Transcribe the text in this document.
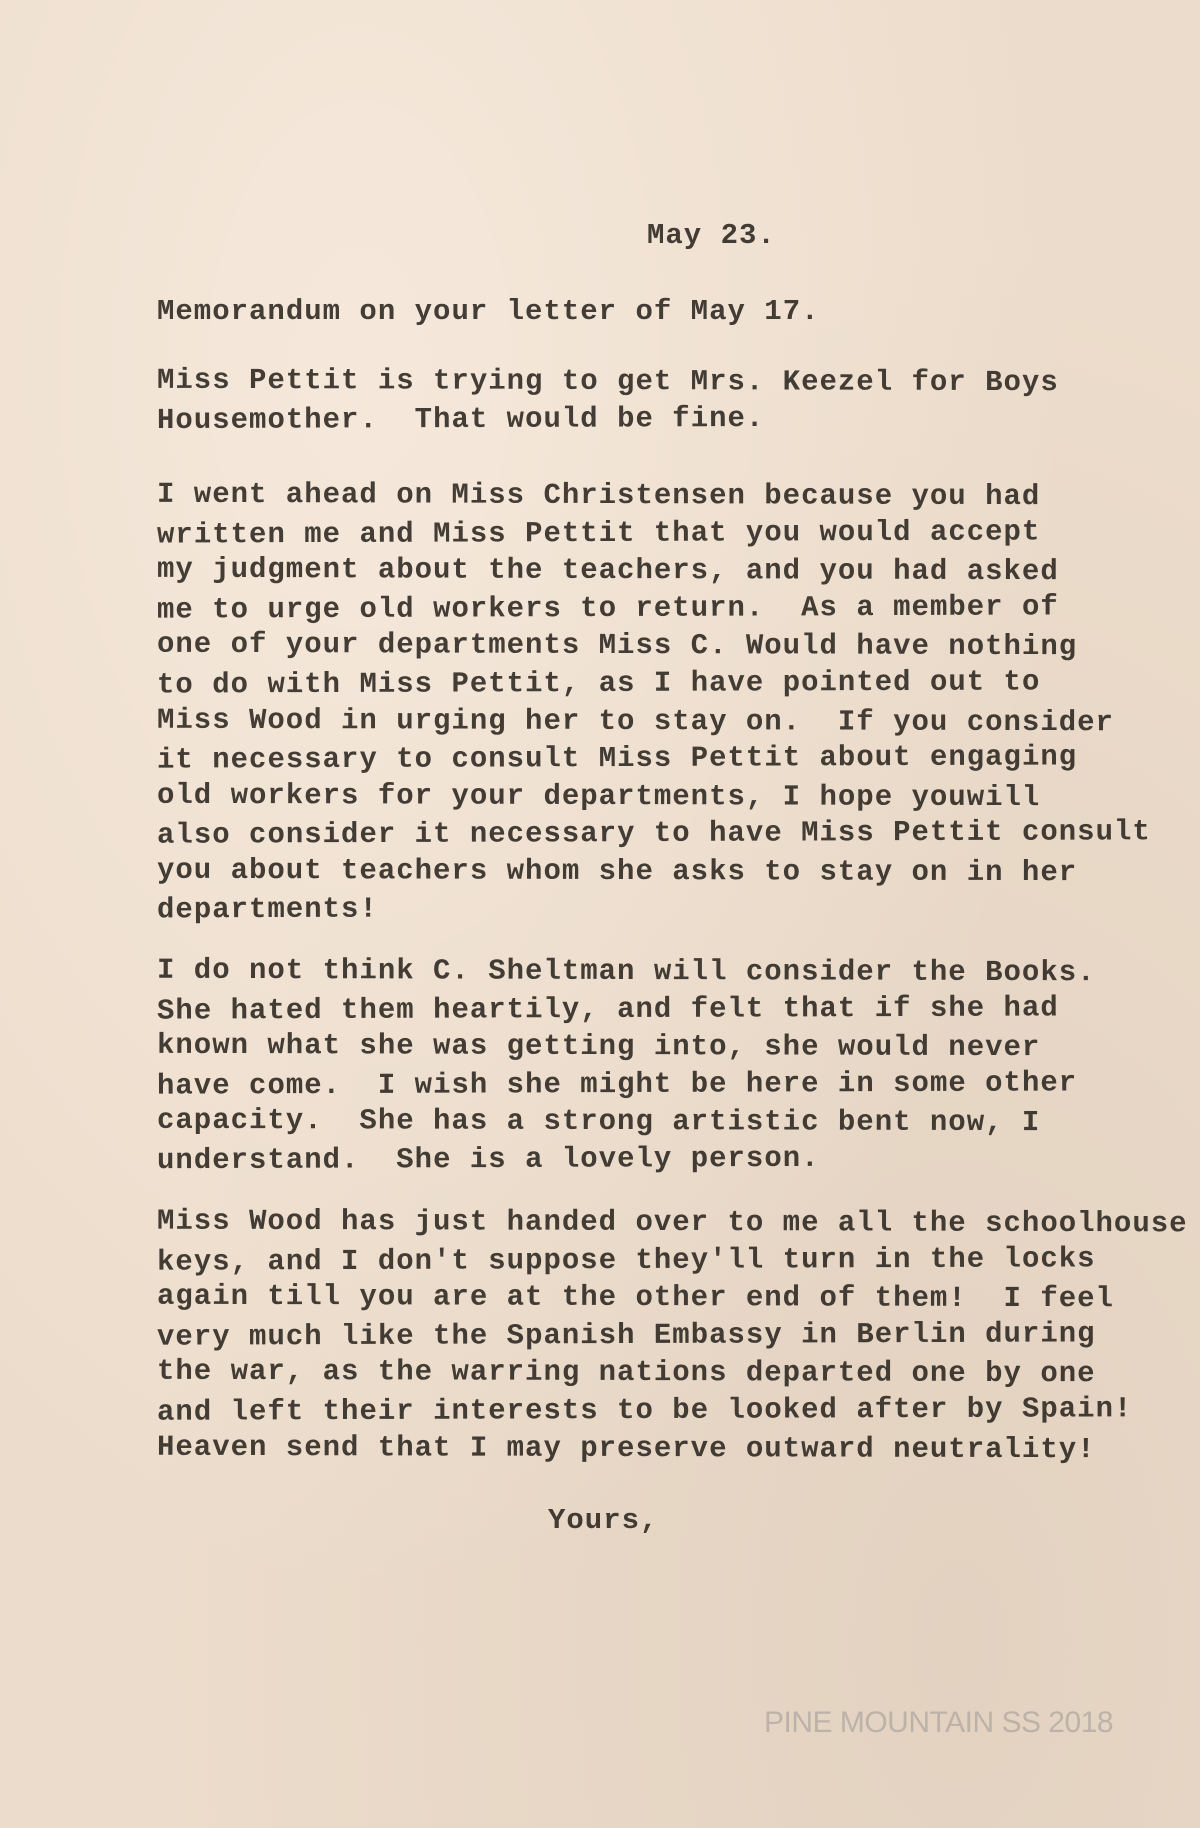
May 23.
Memorandum on your letter of May 17.
Miss Pettit is trying to get Mrs. Keezel for Boys
Housemother.  That would be fine.
I went ahead on Miss Christensen because you had
written me and Miss Pettit that you would accept
my judgment about the teachers, and you had asked
me to urge old workers to return.  As a member of
one of your departments Miss C. Would have nothing
to do with Miss Pettit, as I have pointed out to
Miss Wood in urging her to stay on.  If you consider
it necessary to consult Miss Pettit about engaging
old workers for your departments, I hope youwill
also consider it necessary to have Miss Pettit consult
you about teachers whom she asks to stay on in her
departments!
I do not think C. Sheltman will consider the Books.
She hated them heartily, and felt that if she had
known what she was getting into, she would never
have come.  I wish she might be here in some other
capacity.  She has a strong artistic bent now, I
understand.  She is a lovely person.
Miss Wood has just handed over to me all the schoolhouse
keys, and I don't suppose they'll turn in the locks
again till you are at the other end of them!  I feel
very much like the Spanish Embassy in Berlin during
the war, as the warring nations departed one by one
and left their interests to be looked after by Spain!
Heaven send that I may preserve outward neutrality!
Yours,
PINE MOUNTAIN SS 2018
